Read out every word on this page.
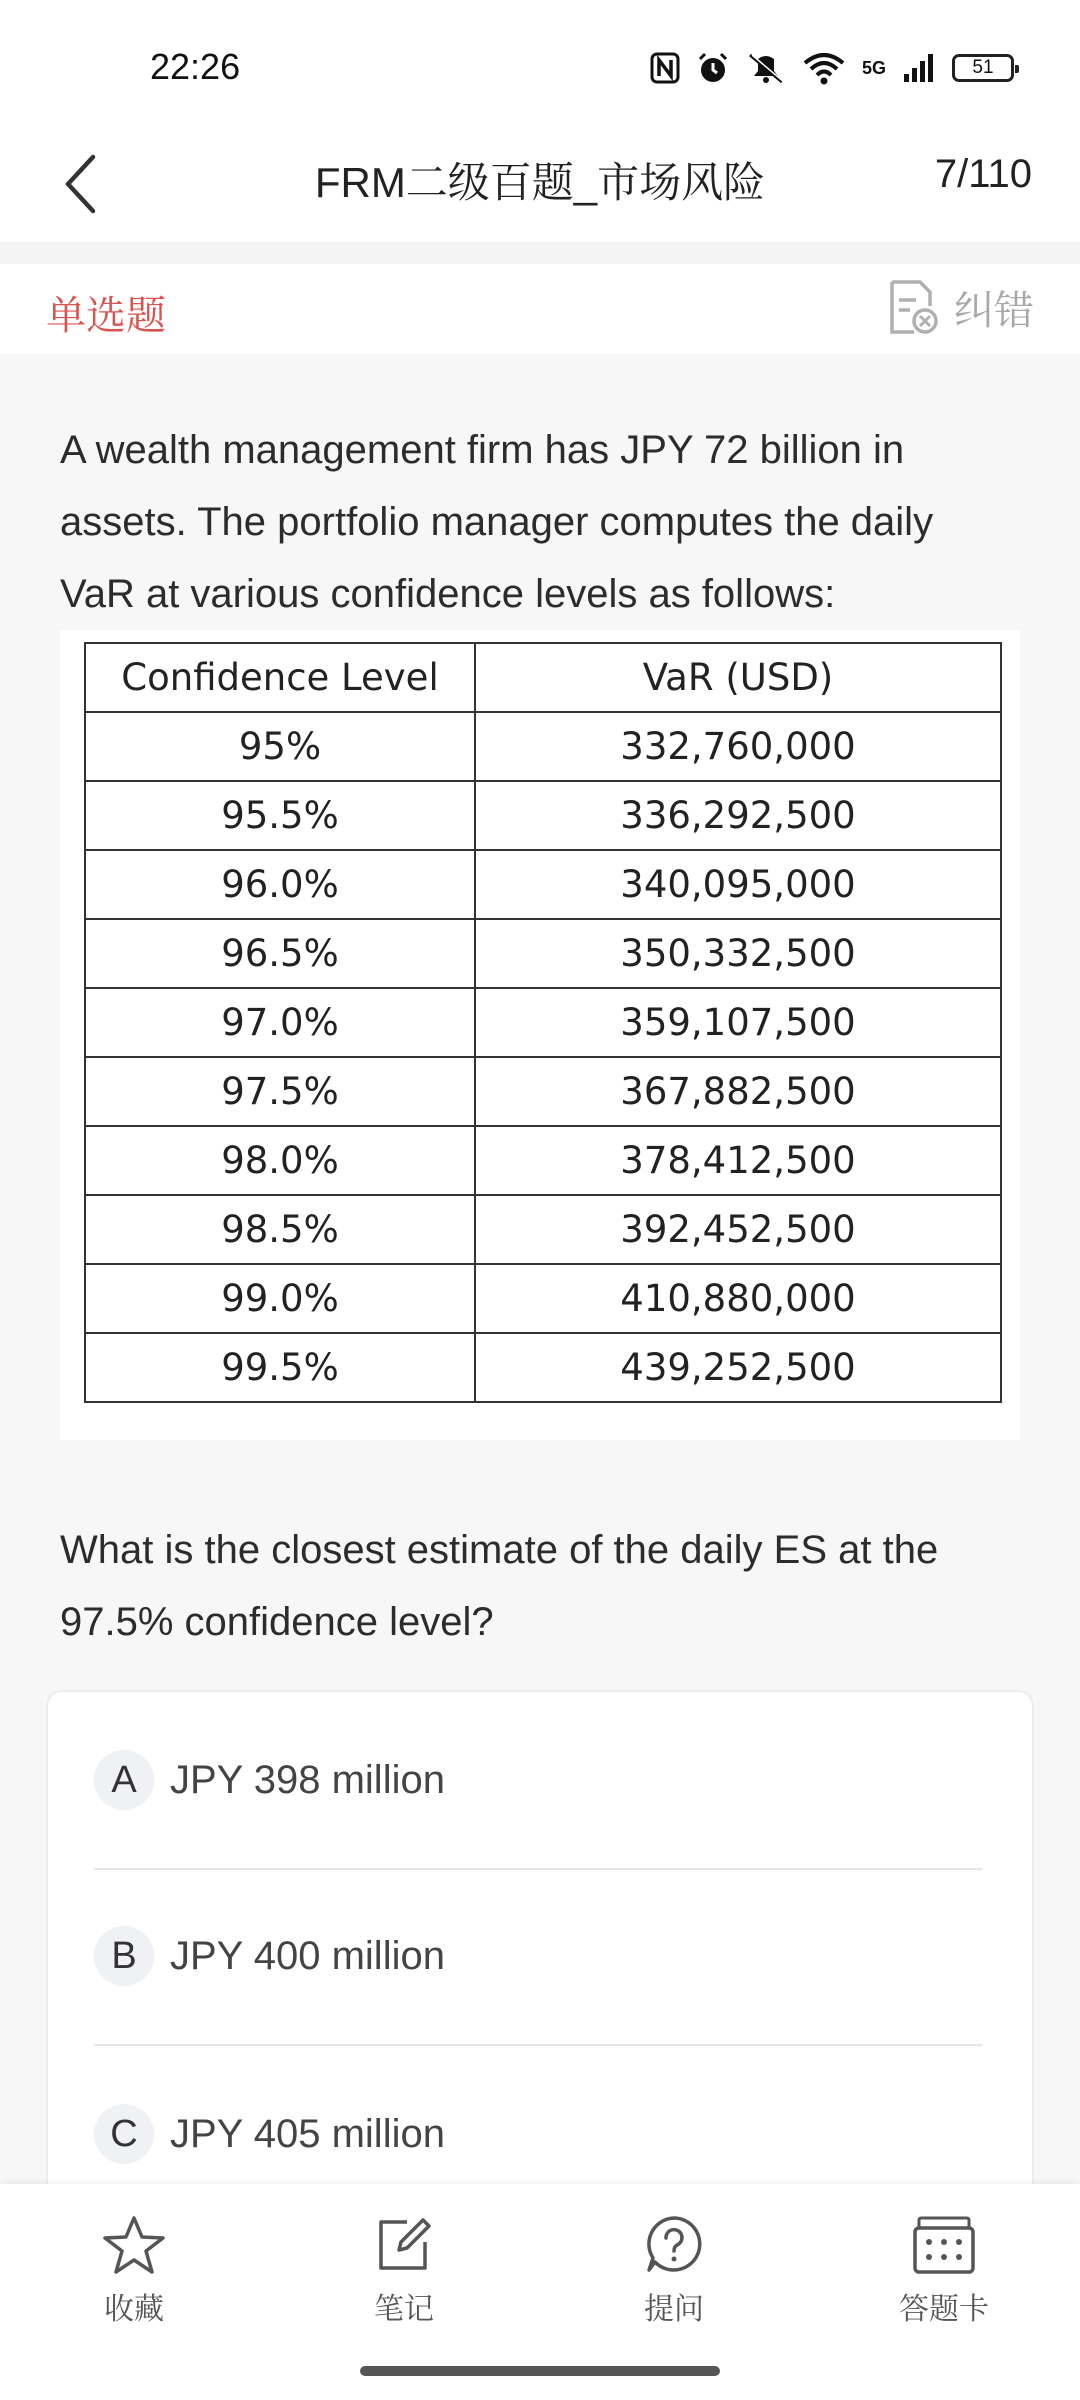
22:26	5G	51
FRM二级百题_市场风险	7/110
单选题	纠错
A wealth management firm has JPY 72 billion in assets. The portfolio manager computes the daily VaR at various confidence levels as follows:
Confidence Level	VaR (USD)
95%	332,760,000
95.5%	336,292,500
96.0%	340,095,000
96.5%	350,332,500
97.0%	359,107,500
97.5%	367,882,500
98.0%	378,412,500
98.5%	392,452,500
99.0%	410,880,000
99.5%	439,252,500
What is the closest estimate of the daily ES at the 97.5% confidence level?
A JPY 398 million
B JPY 400 million
C JPY 405 million
收藏	笔记	提问	答题卡
